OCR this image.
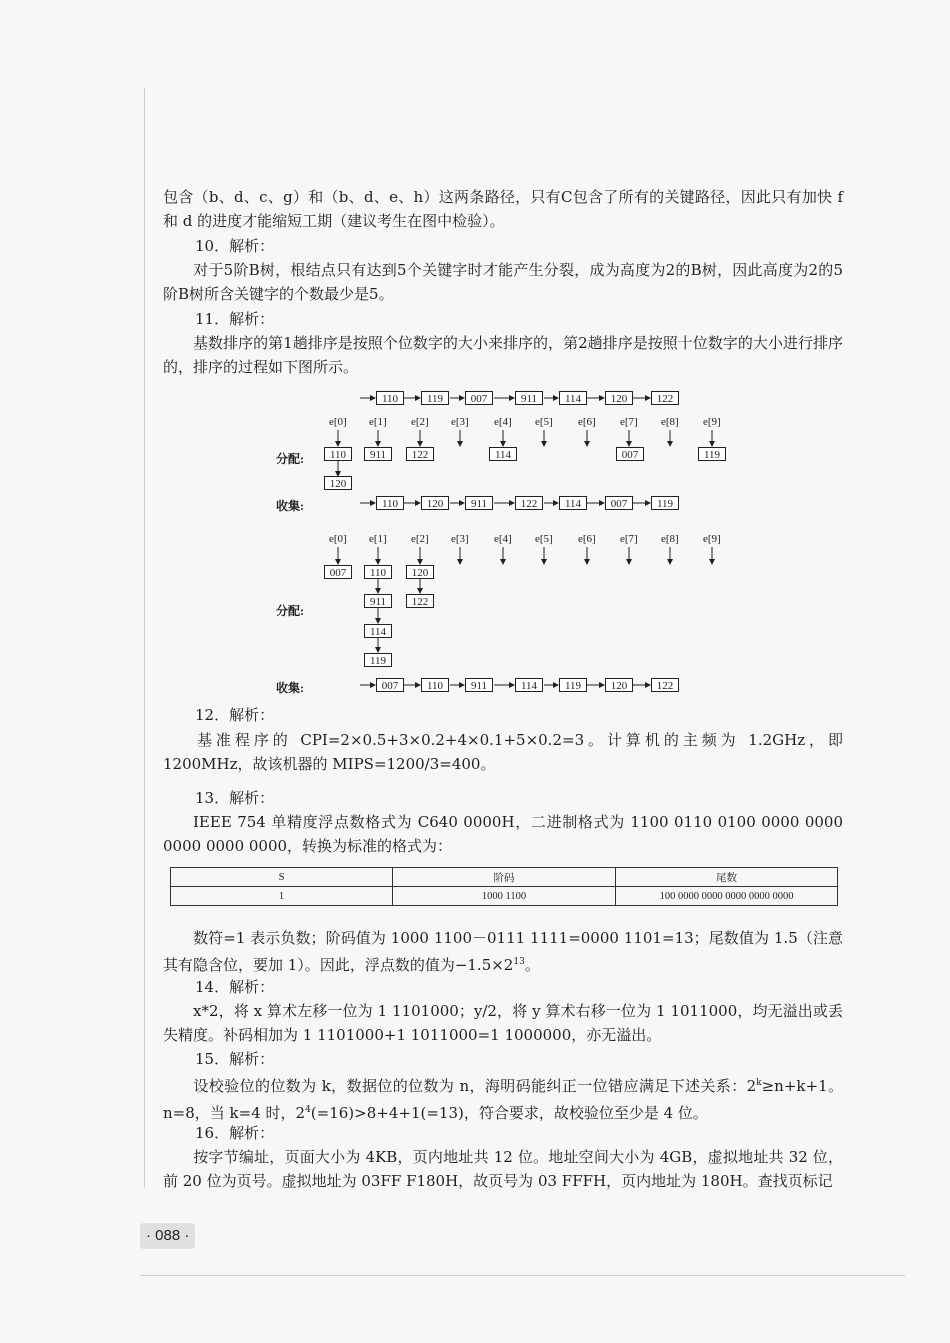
包含（b、d、c、g）和（b、d、e、h）这两条路径，只有C包含了所有的关键路径，因此只有加快 f 和 d 的进度才能缩短工期（建议考生在图中检验）。

10．解析：

对于5阶B树，根结点只有达到5个关键字时才能产生分裂，成为高度为2的B树，因此高度为2的5阶B树所含关键字的个数最少是5。

11．解析：

基数排序的第1趟排序是按照个位数字的大小来排序的，第2趟排序是按照十位数字的大小进行排序的，排序的过程如下图所示。

110	119	007	911	114	120	122
e[0] e[1] e[2] e[3] e[4] e[5] e[6] e[7] e[8] e[9]
分配:	110
120
911	122	114	007	119
收集:	110	120	911	122	114	007	119
e[0] e[1] e[2] e[3] e[4] e[5] e[6] e[7] e[8] e[9]
007	110
911
114
119
120
122
分配:
收集:	007	110	911	114	119	120	122
12．解析：

基准程序的 CPI=2×0.5+3×0.2+4×0.1+5×0.2=3。计算机的主频为 1.2GHz，即 1200MHz，故该机器的 MIPS=1200/3=400。

13．解析：

IEEE 754 单精度浮点数格式为 C640 0000H，二进制格式为 1100 0110 0100 0000 0000 0000 0000 0000，转换为标准的格式为：

S	阶码	尾数
1	1000 1100	100 0000 0000 0000 0000 0000

数符=1 表示负数；阶码值为 1000 1100－0111 1111=0000 1101=13；尾数值为 1.5（注意其有隐含位，要加 1）。因此，浮点数的值为$-1.5\times 2^{13}$。

14．解析：

x*2，将 x 算术左移一位为 1 1101000；y/2，将 y 算术右移一位为 1 1011000，均无溢出或丢失精度。补码相加为 1 1101000+1 1011000=1 1000000，亦无溢出。

15．解析：

设校验位的位数为 k，数据位的位数为 n，海明码能纠正一位错应满足下述关系：$2^k\ge n+k+1$。n=8，当 k=4 时，$2^4(=16)>8+4+1(=13)$，符合要求，故校验位至少是 4 位。

16．解析：

按字节编址，页面大小为 4KB，页内地址共 12 位。地址空间大小为 4GB，虚拟地址共 32 位，前 20 位为页号。虚拟地址为 03FF F180H，故页号为 03 FFFH，页内地址为 180H。查找页标记

· 088 ·
